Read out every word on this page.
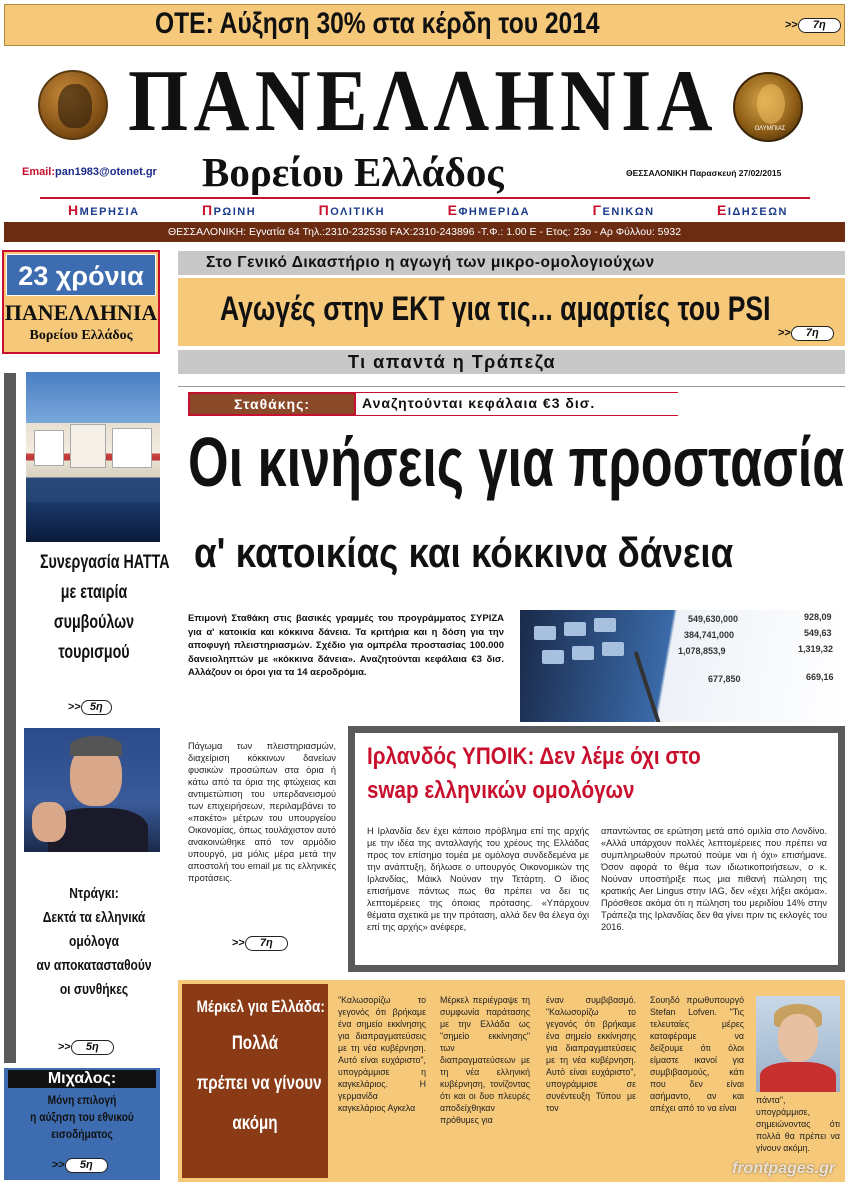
ΟΤΕ: Αύξηση 30% στα κέρδη του 2014	>> 7η
ΠΑΝΕΛΛΗΝΙΑ	ΟΛΥΜΠΙΑΣ
Email:pan1983@otenet.gr Βορείου Ελλάδος	ΘΕΣΣΑΛΟΝΙΚΗ Παρασκευή 27/02/2015
ΗΜΕΡΗΣΙΑ	ΠΡΩΙΝΗ	ΠΟΛΙΤΙΚΗ	ΕΦΗΜΕΡΙΔΑ	ΓΕΝΙΚΩΝ	ΕΙΔΗΣΕΩΝ
ΘΕΣΣΑΛΟΝΙΚΗ: Εγνατία 64 Τηλ.:2310-232536 FAX:2310-243896 -Τ.Φ.: 1.00 Ε - Ετος: 23ο - Αρ Φύλλου: 5932
23 χρόνια
ΠΑΝΕΛΛΗΝΙΑ
Βορείου Ελλάδος
Συνεργασία ΗΑΤΤΑ
με εταιρία
συμβούλων
τουρισμού
>> 5η
Ντράγκι:
Δεκτά τα ελληνικά
ομόλογα
αν αποκατασταθούν
οι συνθήκες
>> 5η
Μιχαλος:
Μόνη επιλογή
η αύξηση του εθνικού
εισοδήματος
>> 5η
Στο Γενικό Δικαστήριο η αγωγή των μικρο-ομολογιούχων
Αγωγές στην ΕΚΤ για τις... αμαρτίες του PSI
>> 7η
Τι απαντά η Τράπεζα
Σταθάκης:	Αναζητούνται κεφάλαια €3 δισ.
Οι κινήσεις για προστασία
α' κατοικίας και κόκκινα δάνεια
Επιμονή Σταθάκη στις βασικές γραμμές του προγράμματος ΣΥΡΙΖΑ για α' κατοικία και κόκκινα δάνεια. Τα κριτήρια και η δόση για την αποφυγή πλειστηριασμών. Σχέδιο για ομπρέλα προστασίας 100.000 δανειοληπτών με «κόκκινα δάνεια». Αναζητούνται κεφάλαια €3 δισ. Αλλάζουν οι όροι για τα 14 αεροδρόμια.
549,630,000	928,09
384,741,000	549,63
1,078,853,9	1,319,32
677,850	669,16
Πάγωμα των πλειστηριασμών, διαχείριση κόκκινων δανείων φυσικών προσώπων στα όρια ή κάτω από τα όρια της φτώχειας και αντιμετώπιση του υπερδανεισμού των επιχειρήσεων, περιλαμβάνει το «πακέτο» μέτρων του υπουργείου Οικονομίας, όπως τουλάχιστον αυτό ανακοινώθηκε από τον αρμόδιο υπουργό, μα μόλις μέρα μετά την αποστολή του email με τις ελληνικές προτάσεις.
>> 7η
Ιρλανδός ΥΠΟΙΚ: Δεν λέμε όχι στο
swap ελληνικών ομολόγων
Η Ιρλανδία δεν έχει κάποιο πρόβλημα επί της αρχής με την ιδέα της ανταλλαγής του χρέους της Ελλάδας προς τον επίσημο τομέα με ομόλογα συνδεδεμένα με την ανάπτυξη, δήλωσε ο υπουργός Οικονομικών της Ιρλανδίας, Μάικλ Νούναν την Τετάρτη. Ο ίδιος επισήμανε πάντως πως θα πρέπει να δει τις λεπτομέρειες της όποιας πρότασης. «Υπάρχουν θέματα σχετικά με την πρόταση, αλλά δεν θα έλεγα όχι επί της αρχής» ανέφερε,
απαντώντας σε ερώτηση μετά από ομιλία στο Λονδίνο. «Αλλά υπάρχουν πολλές λεπτομέρειες που πρέπει να συμπληρωθούν πρωτού πούμε ναι ή όχι» επισήμανε. Όσον αφορά το θέμα των ιδιωτικοποιήσεων, ο κ. Νούναν υποστήριξε πως μια πιθανή πώληση της κρατικής Aer Lingus στην IAG, δεν «έχει λήξει ακόμα». Πρόσθεσε ακόμα ότι η πώληση του μεριδίου 14% στην Τράπεζα της Ιρλανδίας δεν θα γίνει πριν τις εκλογές του 2016.
Μέρκελ για Ελλάδα:
Πολλά
πρέπει να γίνουν
ακόμη
"Καλωσορίζω το γεγονός ότι βρήκαμε ένα σημείο εκκίνησης για διαπραγματεύσεις με τη νέα κυβέρνηση. Αυτό είναι ευχάριστο", υπογράμμισε η καγκελάριος. Η γερμανίδα καγκελάριος Αγκελα
Μέρκελ περιέγραψε τη συμφωνία παράτασης με την Ελλάδα ως "σημείο εκκίνησης" των διαπραγματεύσεων με τη νέα ελληνική κυβέρνηση, τονίζοντας ότι και οι δυο πλευρές αποδείχθηκαν πρόθυμες για
έναν συμβιβασμό. "Καλωσορίζω το γεγονός ότι βρήκαμε ένα σημείο εκκίνησης για διαπραγματεύσεις με τη νέα κυβέρνηση. Αυτό είναι ευχάριστο", υπογράμμισε σε συνέντευξη Τύπου με τον
Σουηδό πρωθυπουργό Stefan Lofven. "Τις τελευταίες μέρες καταφέραμε να δείξουμε ότι όλοι είμαστε ικανοί για συμβιβασμούς, κάτι που δεν είναι ασήμαντο, αν και απέχει από το να είναι
πάντα", υπογράμμισε, σημειώνοντας ότι πολλά θα πρέπει να γίνουν ακόμη.
frontpages.gr
